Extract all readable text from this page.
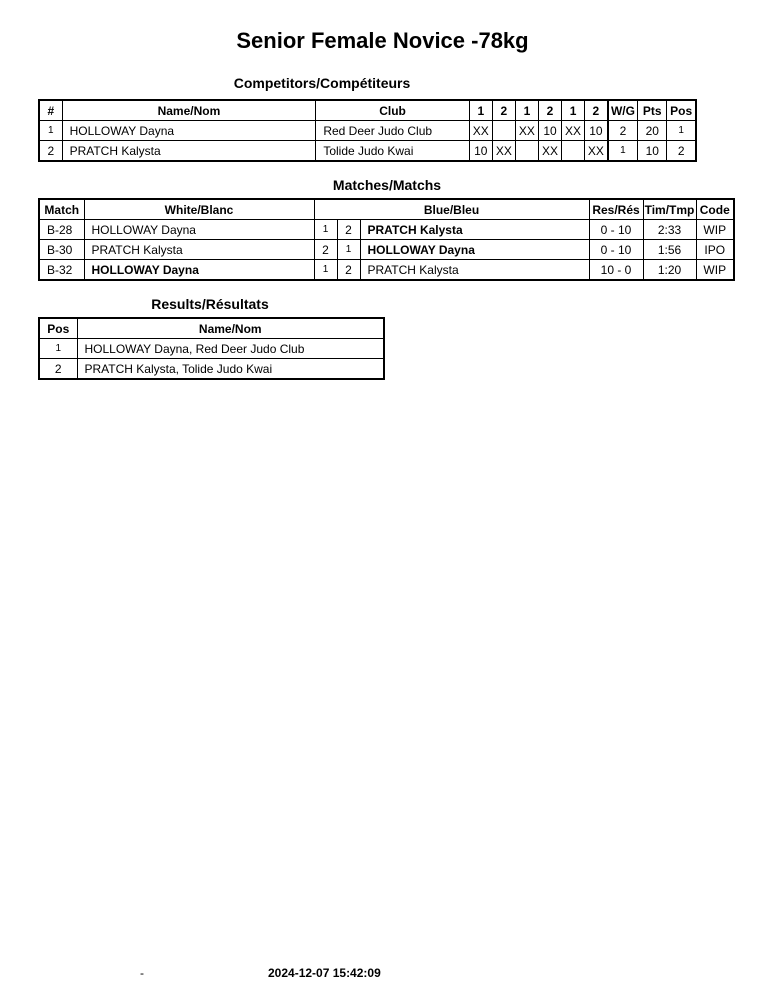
Senior Female Novice -78kg
Competitors/Compétiteurs
#	Name/Nom	Club	1	2	1	2	1	2	W/G	Pts	Pos
1	HOLLOWAY Dayna	Red Deer Judo Club	XX		XX	10	XX	10	2	20	1
2	PRATCH Kalysta	Tolide Judo Kwai	10	XX		XX		XX	1	10	2
Matches/Matchs
Match	White/Blanc	Blue/Bleu			Res/Rés	Tim/Tmp	Code
B-28	HOLLOWAY Dayna	1	2	PRATCH Kalysta	0 - 10	2:33	WIP
B-30	PRATCH Kalysta	2	1	HOLLOWAY Dayna	0 - 10	1:56	IPO
B-32	HOLLOWAY Dayna	1	2	PRATCH Kalysta	10 - 0	1:20	WIP
Results/Résultats
Pos	Name/Nom
1	HOLLOWAY Dayna, Red Deer Judo Club
2	PRATCH Kalysta, Tolide Judo Kwai
-	2024-12-07 15:42:09
